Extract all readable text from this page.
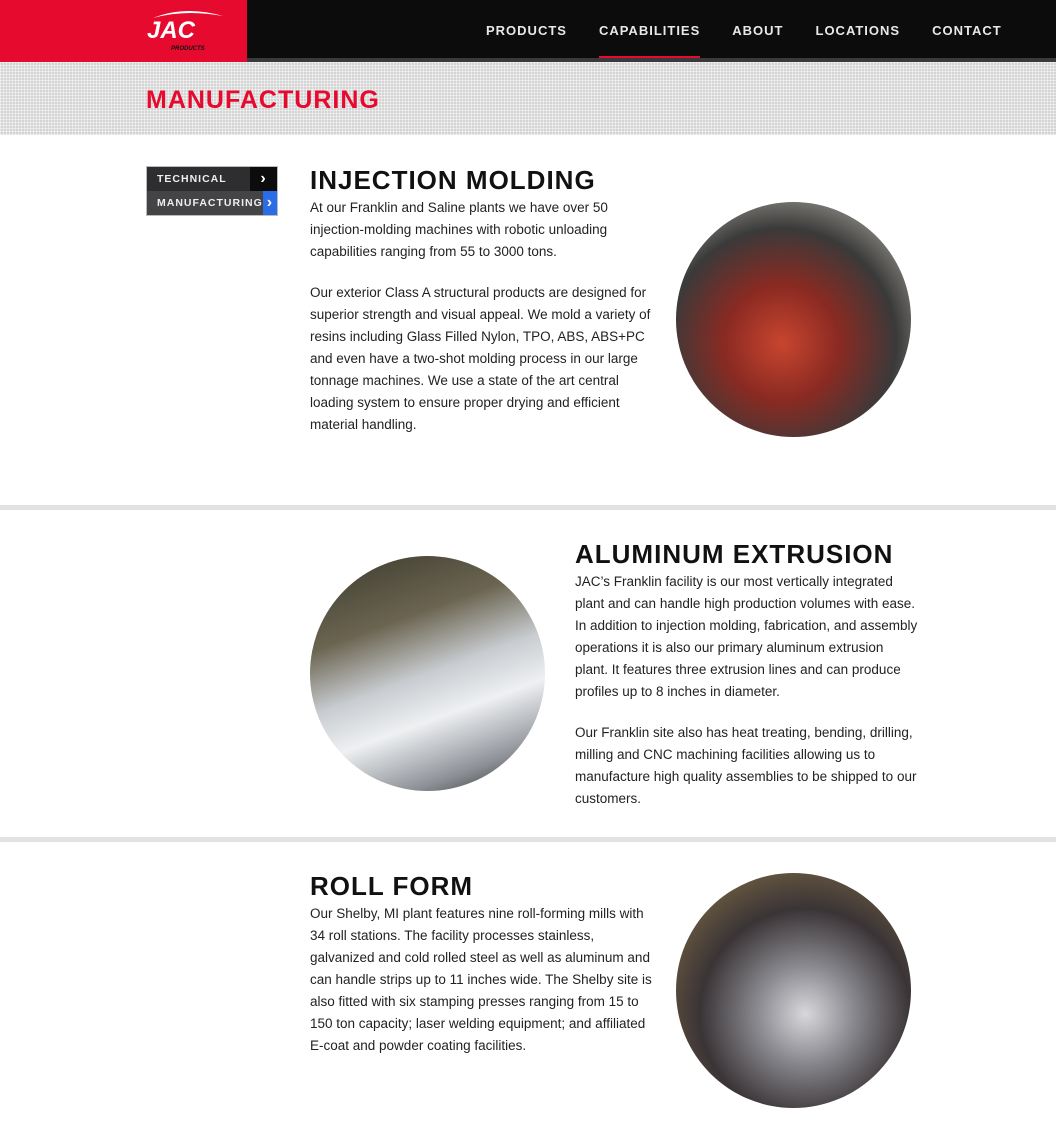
PRODUCTS	CAPABILITIES	ABOUT	LOCATIONS	CONTACT
JAC
PRODUCTS
MANUFACTURING
TECHNICAL	›
MANUFACTURING ›
INJECTION MOLDING

At our Franklin and Saline plants we have over 50 injection-molding machines with robotic unloading capabilities ranging from 55 to 3000 tons.

Our exterior Class A structural products are designed for superior strength and visual appeal. We mold a variety of resins including Glass Filled Nylon, TPO, ABS, ABS+PC and even have a two-shot molding process in our large tonnage machines. We use a state of the art central loading system to ensure proper drying and efficient material handling.

ALUMINUM EXTRUSION

JAC’s Franklin facility is our most vertically integrated plant and can handle high production volumes with ease. In addition to injection molding, fabrication, and assembly operations it is also our primary aluminum extrusion plant. It features three extrusion lines and can produce profiles up to 8 inches in diameter.

Our Franklin site also has heat treating, bending, drilling, milling and CNC machining facilities allowing us to manufacture high quality assemblies to be shipped to our customers.

ROLL FORM

Our Shelby, MI plant features nine roll-forming mills with 34 roll stations. The facility processes stainless, galvanized and cold rolled steel as well as aluminum and can handle strips up to 11 inches wide. The Shelby site is also fitted with six stamping presses ranging from 15 to 150 ton capacity; laser welding equipment; and affiliated E-coat and powder coating facilities.
